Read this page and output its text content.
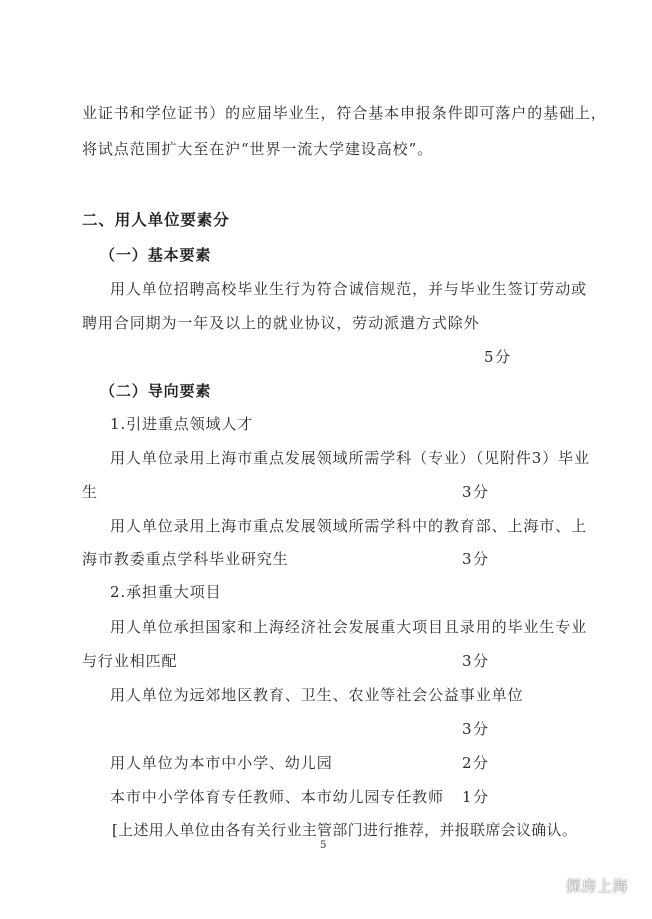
业证书和学位证书）的应届毕业生，符合基本申报条件即可落户的基础上，
将试点范围扩大至在沪“世界一流大学建设高校”。
二、用人单位要素分
（一）基本要素
用人单位招聘高校毕业生行为符合诚信规范，并与毕业生签订劳动或
聘用合同期为一年及以上的就业协议，劳动派遣方式除外
5分
（二）导向要素
1.引进重点领域人才
用人单位录用上海市重点发展领域所需学科（专业）（见附件3）毕业
生	3分
用人单位录用上海市重点发展领域所需学科中的教育部、上海市、上
海市教委重点学科毕业研究生	3分
2.承担重大项目
用人单位承担国家和上海经济社会发展重大项目且录用的毕业生专业
与行业相匹配	3分
用人单位为远郊地区教育、卫生、农业等社会公益事业单位
3分
用人单位为本市中小学、幼儿园	2分
本市中小学体育专任教师、本市幼儿园专任教师 1分
[上述用人单位由各有关行业主管部门进行推荐，并报联席会议确认。
5
探房上海
